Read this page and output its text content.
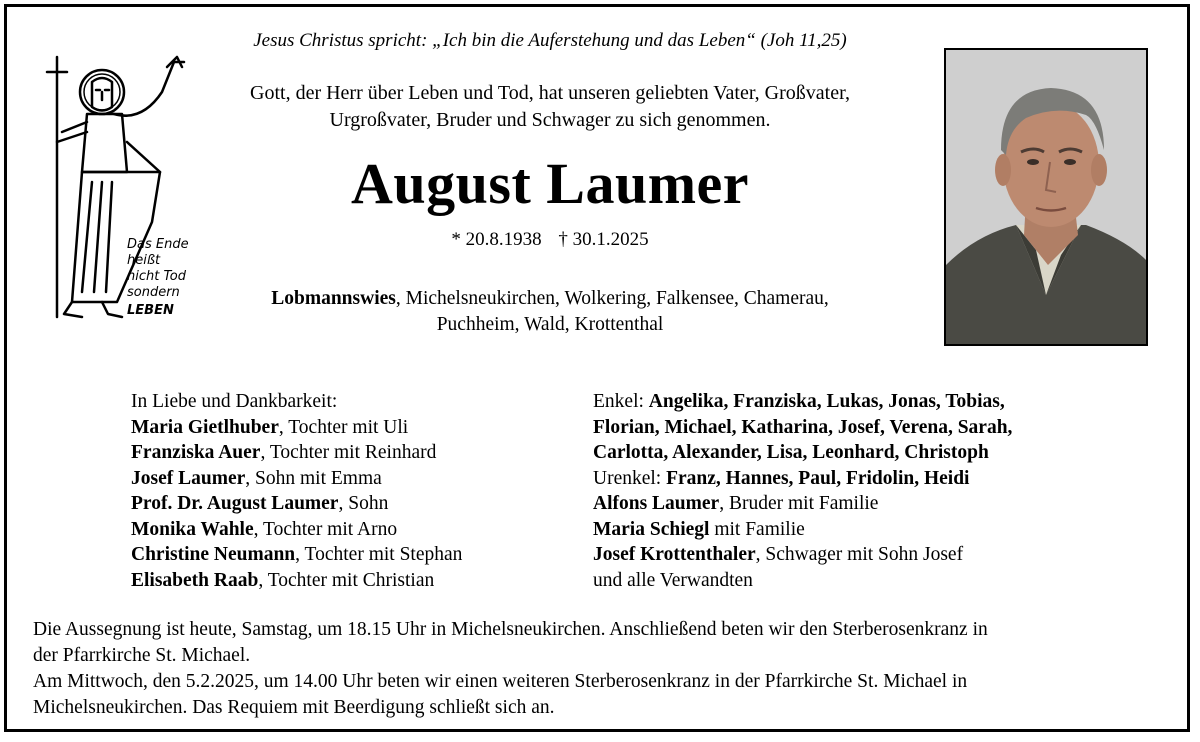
Jesus Christus spricht: „Ich bin die Auferstehung und das Leben“ (Joh 11,25)
Das Ende
heißt
nicht Tod
sondern
LEBEN
Gott, der Herr über Leben und Tod, hat unseren geliebten Vater, Großvater,
Urgroßvater, Bruder und Schwager zu sich genommen.
August Laumer
* 20.8.1938 † 30.1.2025
Lobmannswies, Michelsneukirchen, Wolkering, Falkensee, Chamerau,
Puchheim, Wald, Krottenthal
In Liebe und Dankbarkeit:
Maria Gietlhuber, Tochter mit Uli
Franziska Auer, Tochter mit Reinhard
Josef Laumer, Sohn mit Emma
Prof. Dr. August Laumer, Sohn
Monika Wahle, Tochter mit Arno
Christine Neumann, Tochter mit Stephan
Elisabeth Raab, Tochter mit Christian
Enkel: Angelika, Franziska, Lukas, Jonas, Tobias,
Florian, Michael, Katharina, Josef, Verena, Sarah,
Carlotta, Alexander, Lisa, Leonhard, Christoph
Urenkel: Franz, Hannes, Paul, Fridolin, Heidi
Alfons Laumer, Bruder mit Familie
Maria Schiegl mit Familie
Josef Krottenthaler, Schwager mit Sohn Josef
und alle Verwandten
Die Aussegnung ist heute, Samstag, um 18.15 Uhr in Michelsneukirchen. Anschließend beten wir den Sterberosenkranz in
der Pfarrkirche St. Michael.
Am Mittwoch, den 5.2.2025, um 14.00 Uhr beten wir einen weiteren Sterberosenkranz in der Pfarrkirche St. Michael in
Michelsneukirchen. Das Requiem mit Beerdigung schließt sich an.
